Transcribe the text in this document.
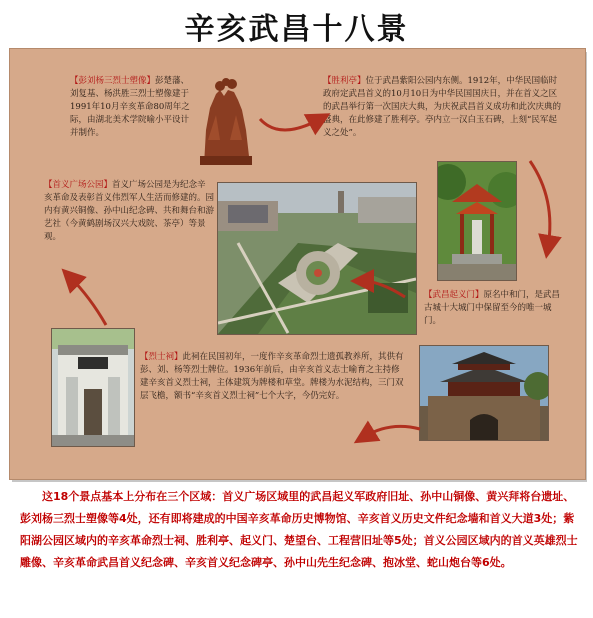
辛亥武昌十八景
【彭刘杨三烈士塑像】彭楚藩、刘复基、杨洪胜三烈士塑像建于1991年10月辛亥革命80周年之际，由湖北美术学院喻小平设计并制作。
【胜利亭】位于武昌紫阳公园内东侧。1912年，中华民国临时政府定武昌首义的10月10日为中华民国国庆日，并在首义之区的武昌举行第一次国庆大典，为庆祝武昌首义成功和此次庆典的盛典，在此修建了胜利亭。亭内立一汉白玉石碑，上刻“民军起义之处”。
【首义广场公园】首义广场公园是为纪念辛亥革命及表彰首义伟烈军人生活而修建的。园内有黄兴铜像、孙中山纪念碑、共和舞台和游艺社（今黄鹤剧场汉兴大戏院、茶亭）等景观。
【武昌起义门】原名中和门，是武昌古城十大城门中保留至今的唯一城门。
【烈士祠】此祠在民国初年，一度作辛亥革命烈士遗孤教养所，其供有彭、刘、杨等烈士牌位。1936年前后，由辛亥首义志士喻育之主持修建辛亥首义烈士祠，主体建筑为牌楼和草堂。牌楼为水泥结构，三门双层飞檐，额书“辛亥首义烈士祠”七个大字，今仍完好。
这18个景点基本上分布在三个区域：首义广场区域里的武昌起义军政府旧址、孙中山铜像、黄兴拜将台遗址、彭刘杨三烈士塑像等4处，还有即将建成的中国辛亥革命历史博物馆、辛亥首义历史文件纪念墙和首义大道3处；紫阳湖公园区域内的辛亥革命烈士祠、胜利亭、起义门、楚望台、工程营旧址等5处；首义公园区域内的首义英雄烈士雕像、辛亥革命武昌首义纪念碑、辛亥首义纪念碑亭、孙中山先生纪念碑、抱冰堂、蛇山炮台等6处。
